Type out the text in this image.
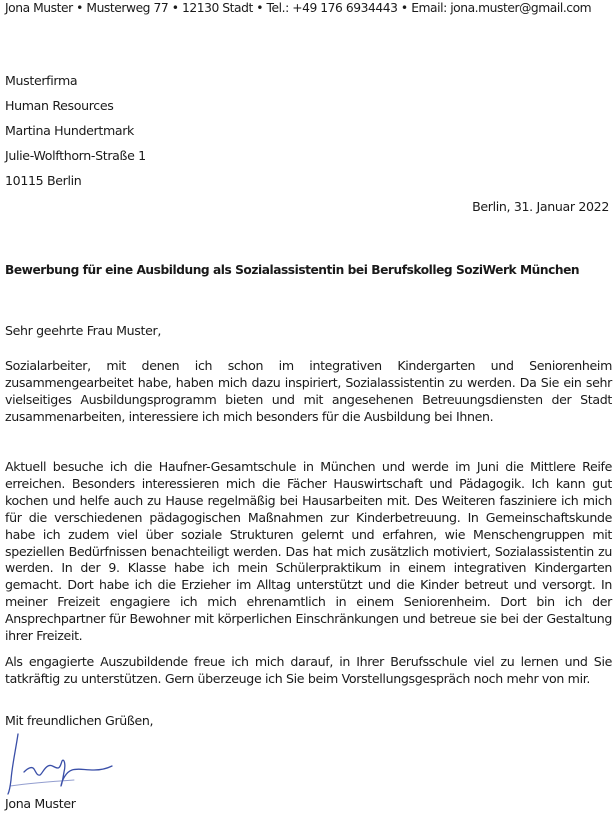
Jona Muster • Musterweg 77 • 12130 Stadt • Tel.: +49 176 6934443 • Email: jona.muster@gmail.com
Musterfirma
Human Resources
Martina Hundertmark
Julie-Wolfthorn-Straße 1
10115 Berlin
Berlin, 31. Januar 2022
Bewerbung für eine Ausbildung als Sozialassistentin bei Berufskolleg SoziWerk München
Sehr geehrte Frau Muster,

Sozialarbeiter, mit denen ich schon im integrativen Kindergarten und Seniorenheim zusammengearbeitet habe, haben mich dazu inspiriert, Sozialassistentin zu werden. Da Sie ein sehr vielseitiges Ausbildungsprogramm bieten und mit angesehenen Betreuungsdiensten der Stadt zusammenarbeiten, interessiere ich mich besonders für die Ausbildung bei Ihnen.

Aktuell besuche ich die Haufner-Gesamtschule in München und werde im Juni die Mittlere Reife erreichen. Besonders interessieren mich die Fächer Hauswirtschaft und Pädagogik. Ich kann gut kochen und helfe auch zu Hause regelmäßig bei Hausarbeiten mit. Des Weiteren fasziniere ich mich für die verschiedenen pädagogischen Maßnahmen zur Kinderbetreuung. In Gemeinschaftskunde habe ich zudem viel über soziale Strukturen gelernt und erfahren, wie Menschengruppen mit speziellen Bedürfnissen benachteiligt werden. Das hat mich zusätzlich motiviert, Sozialassistentin zu werden. In der 9. Klasse habe ich mein Schülerpraktikum in einem integrativen Kindergarten gemacht. Dort habe ich die Erzieher im Alltag unterstützt und die Kinder betreut und versorgt. In meiner Freizeit engagiere ich mich ehrenamtlich in einem Seniorenheim. Dort bin ich der Ansprechpartner für Bewohner mit körperlichen Einschränkungen und betreue sie bei der Gestaltung ihrer Freizeit.

Als engagierte Auszubildende freue ich mich darauf, in Ihrer Berufsschule viel zu lernen und Sie tatkräftig zu unterstützen. Gern überzeuge ich Sie beim Vorstellungsgespräch noch mehr von mir.

Mit freundlichen Grüßen,
Jona Muster
